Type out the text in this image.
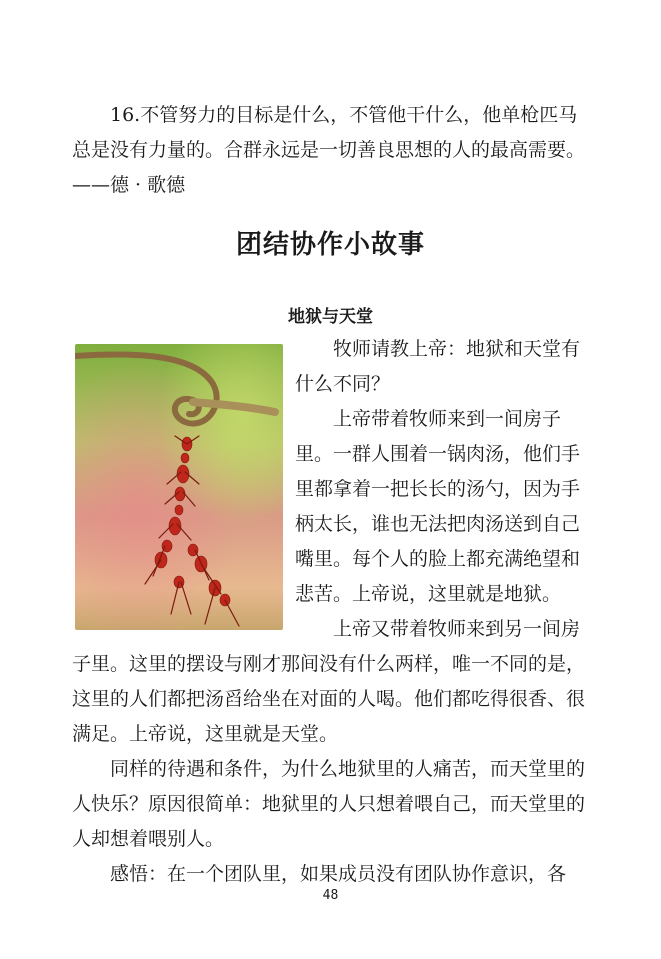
16.不管努力的目标是什么，不管他干什么，他单枪匹马总是没有力量的。合群永远是一切善良思想的人的最高需要。——德 · 歌德

团结协作小故事
地狱与天堂

牧师请教上帝：地狱和天堂有什么不同？

上帝带着牧师来到一间房子里。一群人围着一锅肉汤，他们手里都拿着一把长长的汤勺，因为手柄太长，谁也无法把肉汤送到自己嘴里。每个人的脸上都充满绝望和悲苦。上帝说，这里就是地狱。

上帝又带着牧师来到另一间房子里。这里的摆设与刚才那间没有什么两样，唯一不同的是，这里的人们都把汤舀给坐在对面的人喝。他们都吃得很香、很满足。上帝说，这里就是天堂。

同样的待遇和条件，为什么地狱里的人痛苦，而天堂里的人快乐？原因很简单：地狱里的人只想着喂自己，而天堂里的人却想着喂别人。

感悟：在一个团队里，如果成员没有团队协作意识，各

48
